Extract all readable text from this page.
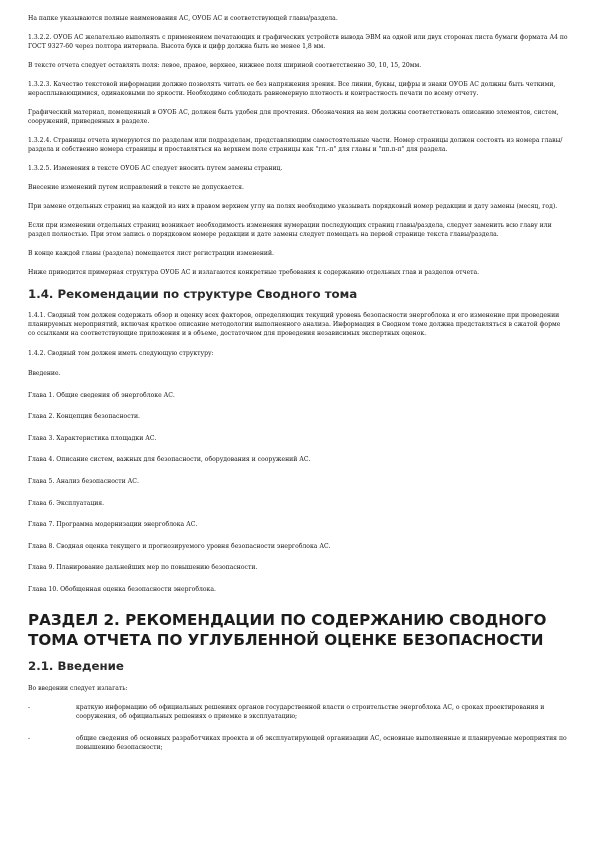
На папке указываются полные наименования АС, ОУОБ АС и соответствующей главы/раздела.

1.3.2.2. ОУОБ АС желательно выполнять с применением печатающих и графических устройств вывода ЭВМ на одной или двух сторонах листа бумаги формата А4 по ГОСТ 9327-60 через полтора интервала. Высота букв и цифр должна быть не менее 1,8 мм.

В тексте отчета следует оставлять поля: левое, правое, верхнее, нижнее поля шириной соответственно 30, 10, 15, 20мм.

1.3.2.3. Качество текстовой информации должно позволять читать ее без напряжения зрения. Все линии, буквы, цифры и знаки ОУОБ АС должны быть четкими, нерасплывающимися, одинаковыми по яркости. Необходимо соблюдать равномерную плотность и контрастность печати по всему отчету.

Графический материал, помещенный в ОУОБ АС, должен быть удобен для прочтения. Обозначения на нем должны соответствовать описанию элементов, систем, сооружений, приведенных в разделе.

1.3.2.4. Страницы отчета нумеруются по разделам или подразделам, представляющим самостоятельные части. Номер страницы должен состоять из номера главы/раздела и собственно номера страницы и проставляться на верхнем поле страницы как "гл.-п" для главы и "пп.п-п" для раздела.

1.3.2.5. Изменения в тексте ОУОБ АС следует вносить путем замены страниц.

Внесение изменений путем исправлений в тексте не допускается.

При замене отдельных страниц на каждой из них в правом верхнем углу на полях необходимо указывать порядковый номер редакции и дату замены (месяц, год).

Если при изменении отдельных страниц возникает необходимость изменения нумерации последующих страниц главы/раздела, следует заменить всю главу или раздел полностью. При этом запись о порядковом номере редакции и дате замены следует помещать на первой странице текста главы/раздела.

В конце каждой главы (раздела) помещается лист регистрации изменений.

Ниже приводится примерная структура ОУОБ АС и излагаются конкретные требования к содержанию отдельных глав и разделов отчета.

1.4. Рекомендации по структуре Сводного тома

1.4.1. Сводный том должен содержать обзор и оценку всех факторов, определяющих текущий уровень безопасности энергоблока и его изменение при проведении планируемых мероприятий, включая краткое описание методологии выполненного анализа. Информация в Сводном томе должна представляться в сжатой форме со ссылками на соответствующие приложения и в объеме, достаточном для проведения независимых экспертных оценок.

1.4.2. Сводный том должен иметь следующую структуру:

Введение.
Глава 1. Общие сведения об энергоблоке АС.
Глава 2. Концепция безопасности.
Глава 3. Характеристика площадки АС.
Глава 4. Описание систем, важных для безопасности, оборудования и сооружений АС.
Глава 5. Анализ безопасности АС.
Глава 6. Эксплуатация.
Глава 7. Программа модернизации энергоблока АС.
Глава 8. Сводная оценка текущего и прогнозируемого уровня безопасности энергоблока АС.
Глава 9. Планирование дальнейших мер по повышению безопасности.
Глава 10. Обобщенная оценка безопасности энергоблока.
РАЗДЕЛ 2. РЕКОМЕНДАЦИИ ПО СОДЕРЖАНИЮ СВОДНОГО ТОМА ОТЧЕТА ПО УГЛУБЛЕННОЙ ОЦЕНКЕ БЕЗОПАСНОСТИ
2.1. Введение

Во введении следует излагать:

-	краткую информацию об официальных решениях органов государственной власти о строительстве энергоблока АС, о сроках проектирования и сооружения, об официальных решениях о приемке в эксплуатацию;
-	общие сведения об основных разработчиках проекта и об эксплуатирующей организации АС, основные выполненные и планируемые мероприятия по повышению безопасности;
